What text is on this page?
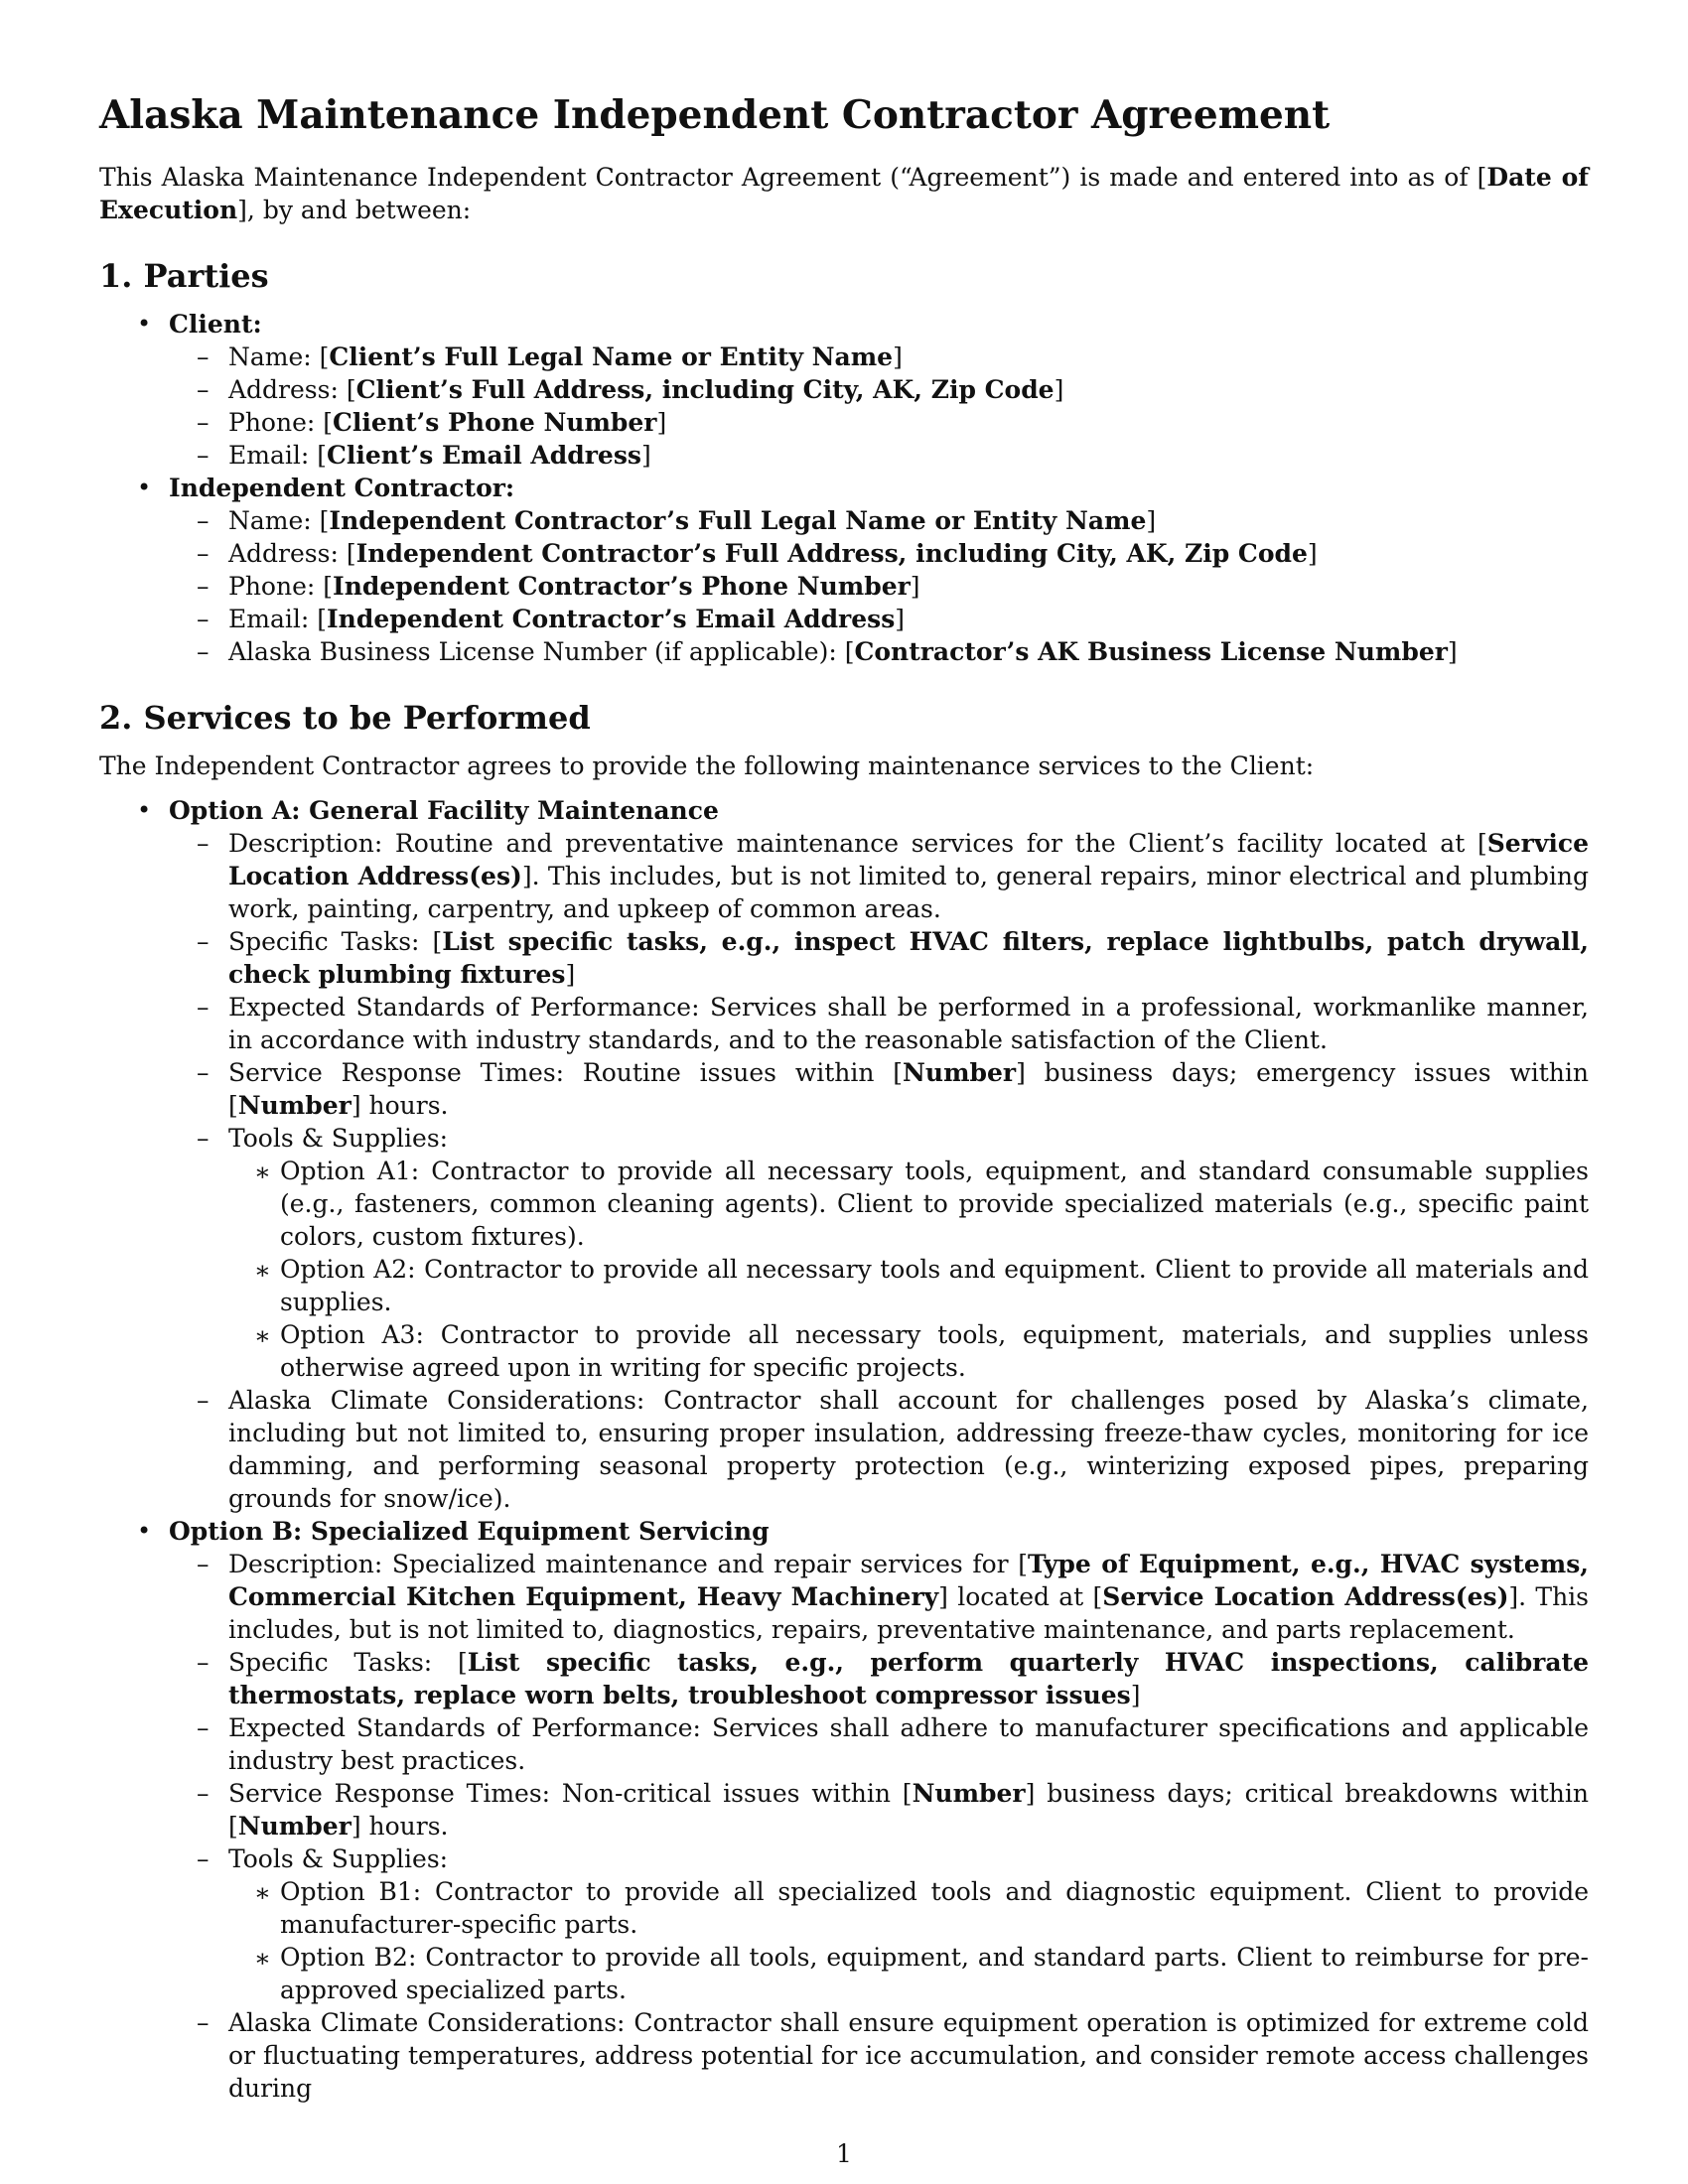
Alaska Maintenance Independent Contractor Agreement

This Alaska Maintenance Independent Contractor Agreement (“Agreement”) is made and entered into as of [Date of Execution], by and between:

1. Parties
• Client:
– Name: [Client’s Full Legal Name or Entity Name]
– Address: [Client’s Full Address, including City, AK, Zip Code]
– Phone: [Client’s Phone Number]
– Email: [Client’s Email Address]
• Independent Contractor:
– Name: [Independent Contractor’s Full Legal Name or Entity Name]
– Address: [Independent Contractor’s Full Address, including City, AK, Zip Code]
– Phone: [Independent Contractor’s Phone Number]
– Email: [Independent Contractor’s Email Address]
– Alaska Business License Number (if applicable): [Contractor’s AK Business License Number]
2. Services to be Performed

The Independent Contractor agrees to provide the following maintenance services to the Client:

• Option A: General Facility Maintenance
– Description: Routine and preventative maintenance services for the Client’s facility located at [Service Location Address(es)]. This includes, but is not limited to, general repairs, minor electrical and plumbing work, painting, carpentry, and upkeep of common areas.
– Specific Tasks: [List specific tasks, e.g., inspect HVAC filters, replace lightbulbs, patch drywall, check plumbing fixtures]
– Expected Standards of Performance: Services shall be performed in a professional, workmanlike manner, in accordance with industry standards, and to the reasonable satisfaction of the Client.
– Service Response Times: Routine issues within [Number] business days; emergency issues within [Number] hours.
– Tools & Supplies:
∗ Option A1: Contractor to provide all necessary tools, equipment, and standard consumable supplies (e.g., fasteners, common cleaning agents). Client to provide specialized materials (e.g., specific paint colors, custom fixtures).
∗ Option A2: Contractor to provide all necessary tools and equipment. Client to provide all materials and supplies.
∗ Option A3: Contractor to provide all necessary tools, equipment, materials, and supplies unless otherwise agreed upon in writing for specific projects.
– Alaska Climate Considerations: Contractor shall account for challenges posed by Alaska’s climate, including but not limited to, ensuring proper insulation, addressing freeze-thaw cycles, monitoring for ice damming, and performing seasonal property protection (e.g., winterizing exposed pipes, preparing grounds for snow/ice).
• Option B: Specialized Equipment Servicing
– Description: Specialized maintenance and repair services for [Type of Equipment, e.g., HVAC systems, Commercial Kitchen Equipment, Heavy Machinery] located at [Service Location Address(es)]. This includes, but is not limited to, diagnostics, repairs, preventative maintenance, and parts replacement.
– Specific Tasks: [List specific tasks, e.g., perform quarterly HVAC inspections, calibrate thermostats, replace worn belts, troubleshoot compressor issues]
– Expected Standards of Performance: Services shall adhere to manufacturer specifications and applicable industry best practices.
– Service Response Times: Non-critical issues within [Number] business days; critical breakdowns within [Number] hours.
– Tools & Supplies:
∗ Option B1: Contractor to provide all specialized tools and diagnostic equipment. Client to provide manufacturer-specific parts.
∗ Option B2: Contractor to provide all tools, equipment, and standard parts. Client to reimburse for pre-approved specialized parts.
– Alaska Climate Considerations: Contractor shall ensure equipment operation is optimized for extreme cold or fluctuating temperatures, address potential for ice accumulation, and consider remote access challenges during
1
